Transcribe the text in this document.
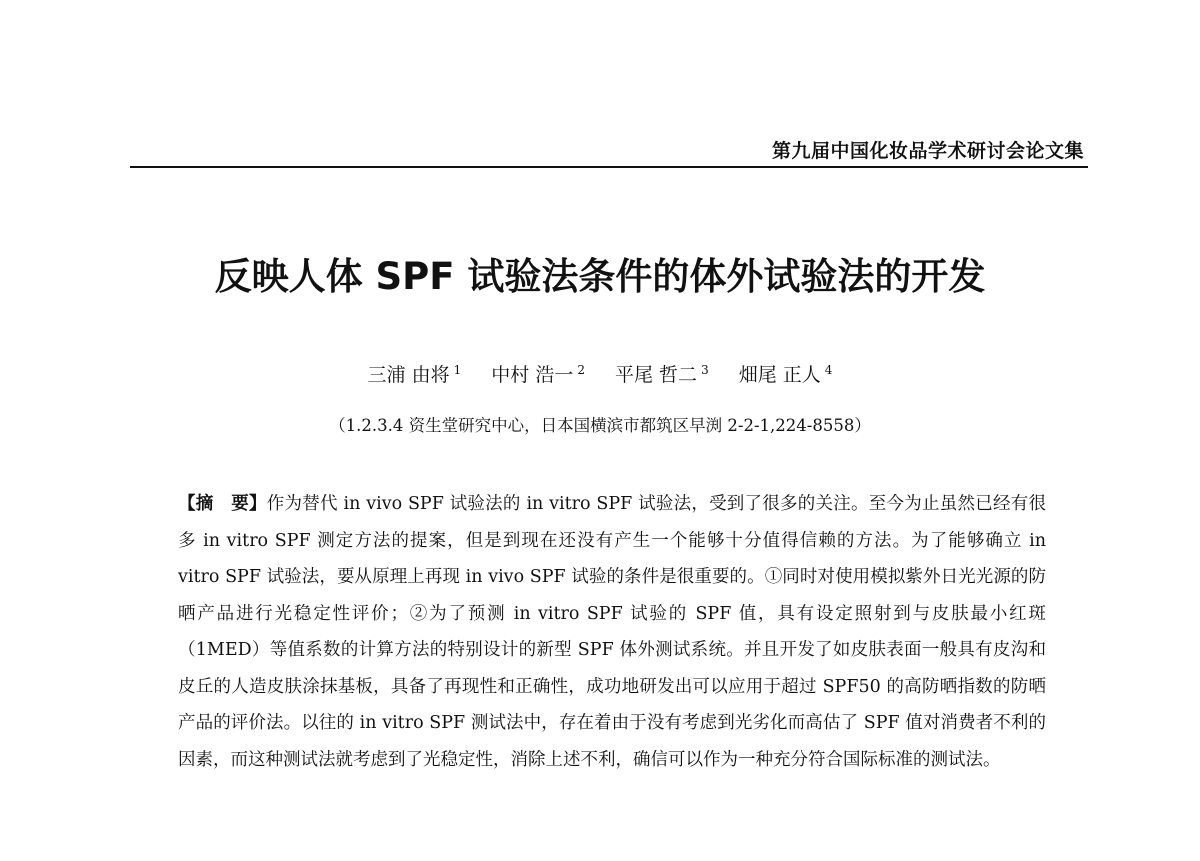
第九届中国化妆品学术研讨会论文集
反映人体 SPF 试验法条件的体外试验法的开发
三浦 由将 $^1$ 中村 浩一 $^2$ 平尾 哲二 $^3$ 畑尾 正人 $^4$
（1.2.3.4 资生堂研究中心，日本国横滨市都筑区早渕 2-2-1,224-8558）
【摘　要】作为替代 in vivo SPF 试验法的 in vitro SPF 试验法，受到了很多的关注。至今为止虽然已经有很多 in vitro SPF 测定方法的提案，但是到现在还没有产生一个能够十分值得信赖的方法。为了能够确立 in vitro SPF 试验法，要从原理上再现 in vivo SPF 试验的条件是很重要的。①同时对使用模拟紫外日光光源的防晒产品进行光稳定性评价；②为了预测 in vitro SPF 试验的 SPF 值，具有设定照射到与皮肤最小红斑（1MED）等值系数的计算方法的特别设计的新型 SPF 体外测试系统。并且开发了如皮肤表面一般具有皮沟和皮丘的人造皮肤涂抹基板，具备了再现性和正确性，成功地研发出可以应用于超过 SPF50 的高防晒指数的防晒产品的评价法。以往的 in vitro SPF 测试法中，存在着由于没有考虑到光劣化而高估了 SPF 值对消费者不利的因素，而这种测试法就考虑到了光稳定性，消除上述不利，确信可以作为一种充分符合国际标准的测试法。
